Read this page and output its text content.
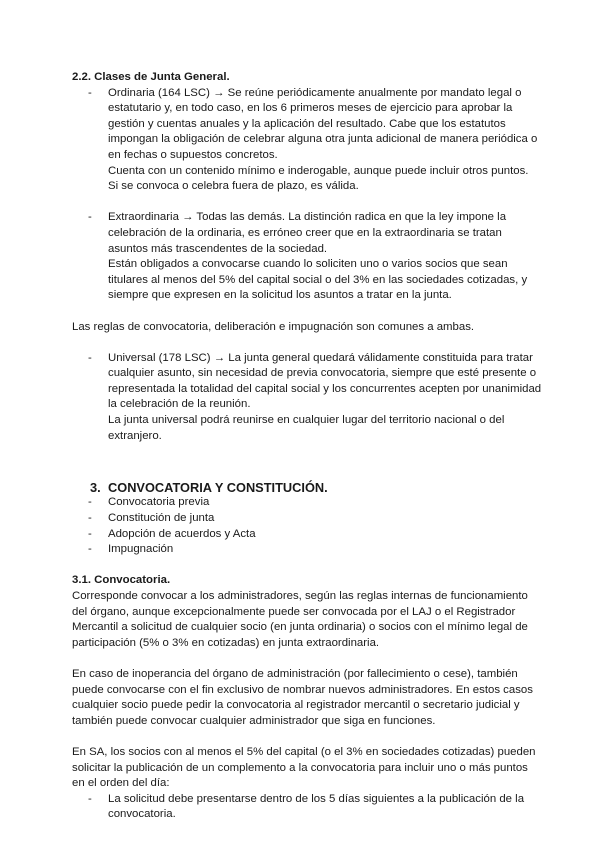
2.2. Clases de Junta General.

- Ordinaria (164 LSC) → Se reúne periódicamente anualmente por mandato legal o estatutario y, en todo caso, en los 6 primeros meses de ejercicio para aprobar la gestión y cuentas anuales y la aplicación del resultado. Cabe que los estatutos impongan la obligación de celebrar alguna otra junta adicional de manera periódica o en fechas o supuestos concretos.

Cuenta con un contenido mínimo e inderogable, aunque puede incluir otros puntos.

Si se convoca o celebra fuera de plazo, es válida.

- Extraordinaria → Todas las demás. La distinción radica en que la ley impone la celebración de la ordinaria, es erróneo creer que en la extraordinaria se tratan asuntos más trascendentes de la sociedad.

Están obligados a convocarse cuando lo soliciten uno o varios socios que sean titulares al menos del 5% del capital social o del 3% en las sociedades cotizadas, y siempre que expresen en la solicitud los asuntos a tratar en la junta.

Las reglas de convocatoria, deliberación e impugnación son comunes a ambas.

- Universal (178 LSC) → La junta general quedará válidamente constituida para tratar cualquier asunto, sin necesidad de previa convocatoria, siempre que esté presente o representada la totalidad del capital social y los concurrentes acepten por unanimidad la celebración de la reunión.

La junta universal podrá reunirse en cualquier lugar del territorio nacional o del extranjero.

3. CONVOCATORIA Y CONSTITUCIÓN.

- Convocatoria previa

- Constitución de junta

- Adopción de acuerdos y Acta

- Impugnación

3.1. Convocatoria.

Corresponde convocar a los administradores, según las reglas internas de funcionamiento del órgano, aunque excepcionalmente puede ser convocada por el LAJ o el Registrador Mercantil a solicitud de cualquier socio (en junta ordinaria) o socios con el mínimo legal de participación (5% o 3% en cotizadas) en junta extraordinaria.

En caso de inoperancia del órgano de administración (por fallecimiento o cese), también puede convocarse con el fin exclusivo de nombrar nuevos administradores. En estos casos cualquier socio puede pedir la convocatoria al registrador mercantil o secretario judicial y también puede convocar cualquier administrador que siga en funciones.

En SA, los socios con al menos el 5% del capital (o el 3% en sociedades cotizadas) pueden solicitar la publicación de un complemento a la convocatoria para incluir uno o más puntos en el orden del día:

- La solicitud debe presentarse dentro de los 5 días siguientes a la publicación de la convocatoria.
